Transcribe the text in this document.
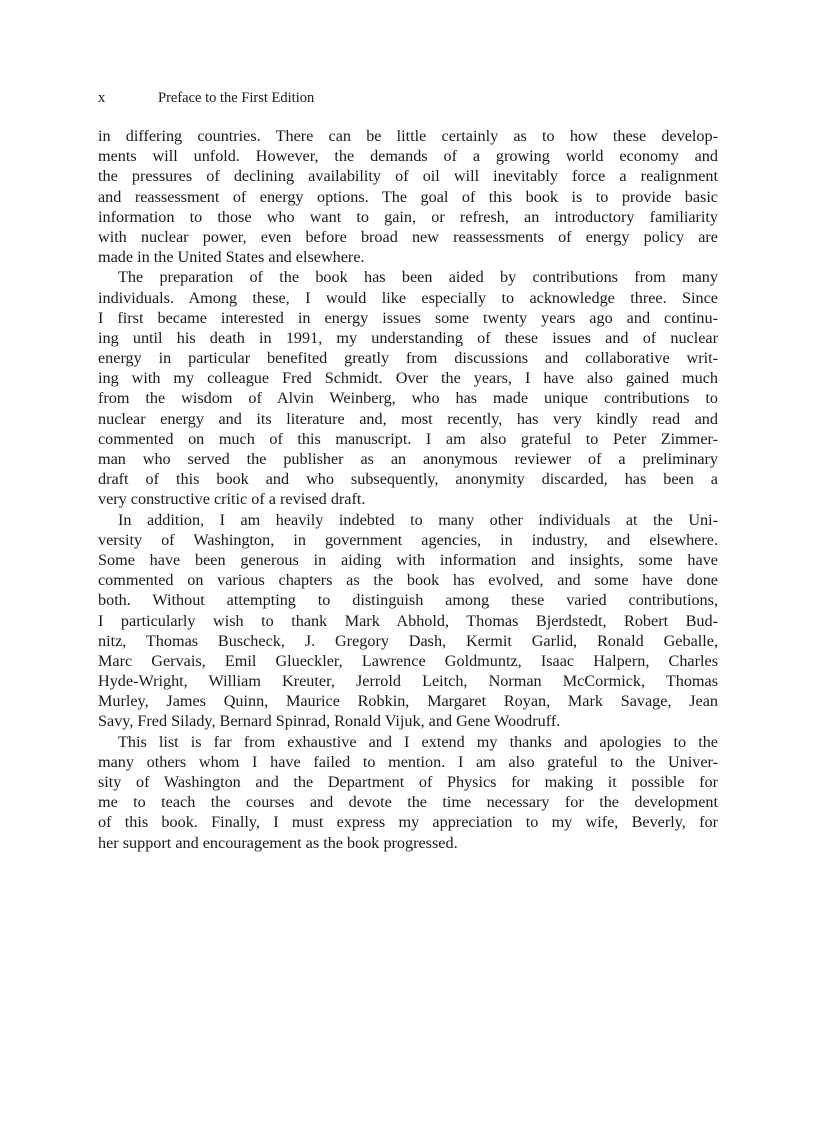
x	Preface to the First Edition
in differing countries. There can be little certainly as to how these develop-
ments will unfold. However, the demands of a growing world economy and
the pressures of declining availability of oil will inevitably force a realignment
and reassessment of energy options. The goal of this book is to provide basic
information to those who want to gain, or refresh, an introductory familiarity
with nuclear power, even before broad new reassessments of energy policy are
made in the United States and elsewhere.
The preparation of the book has been aided by contributions from many
individuals. Among these, I would like especially to acknowledge three. Since
I first became interested in energy issues some twenty years ago and continu-
ing until his death in 1991, my understanding of these issues and of nuclear
energy in particular benefited greatly from discussions and collaborative writ-
ing with my colleague Fred Schmidt. Over the years, I have also gained much
from the wisdom of Alvin Weinberg, who has made unique contributions to
nuclear energy and its literature and, most recently, has very kindly read and
commented on much of this manuscript. I am also grateful to Peter Zimmer-
man who served the publisher as an anonymous reviewer of a preliminary
draft of this book and who subsequently, anonymity discarded, has been a
very constructive critic of a revised draft.
In addition, I am heavily indebted to many other individuals at the Uni-
versity of Washington, in government agencies, in industry, and elsewhere.
Some have been generous in aiding with information and insights, some have
commented on various chapters as the book has evolved, and some have done
both. Without attempting to distinguish among these varied contributions,
I particularly wish to thank Mark Abhold, Thomas Bjerdstedt, Robert Bud-
nitz, Thomas Buscheck, J. Gregory Dash, Kermit Garlid, Ronald Geballe,
Marc Gervais, Emil Glueckler, Lawrence Goldmuntz, Isaac Halpern, Charles
Hyde-Wright, William Kreuter, Jerrold Leitch, Norman McCormick, Thomas
Murley, James Quinn, Maurice Robkin, Margaret Royan, Mark Savage, Jean
Savy, Fred Silady, Bernard Spinrad, Ronald Vijuk, and Gene Woodruff.
This list is far from exhaustive and I extend my thanks and apologies to the
many others whom I have failed to mention. I am also grateful to the Univer-
sity of Washington and the Department of Physics for making it possible for
me to teach the courses and devote the time necessary for the development
of this book. Finally, I must express my appreciation to my wife, Beverly, for
her support and encouragement as the book progressed.
